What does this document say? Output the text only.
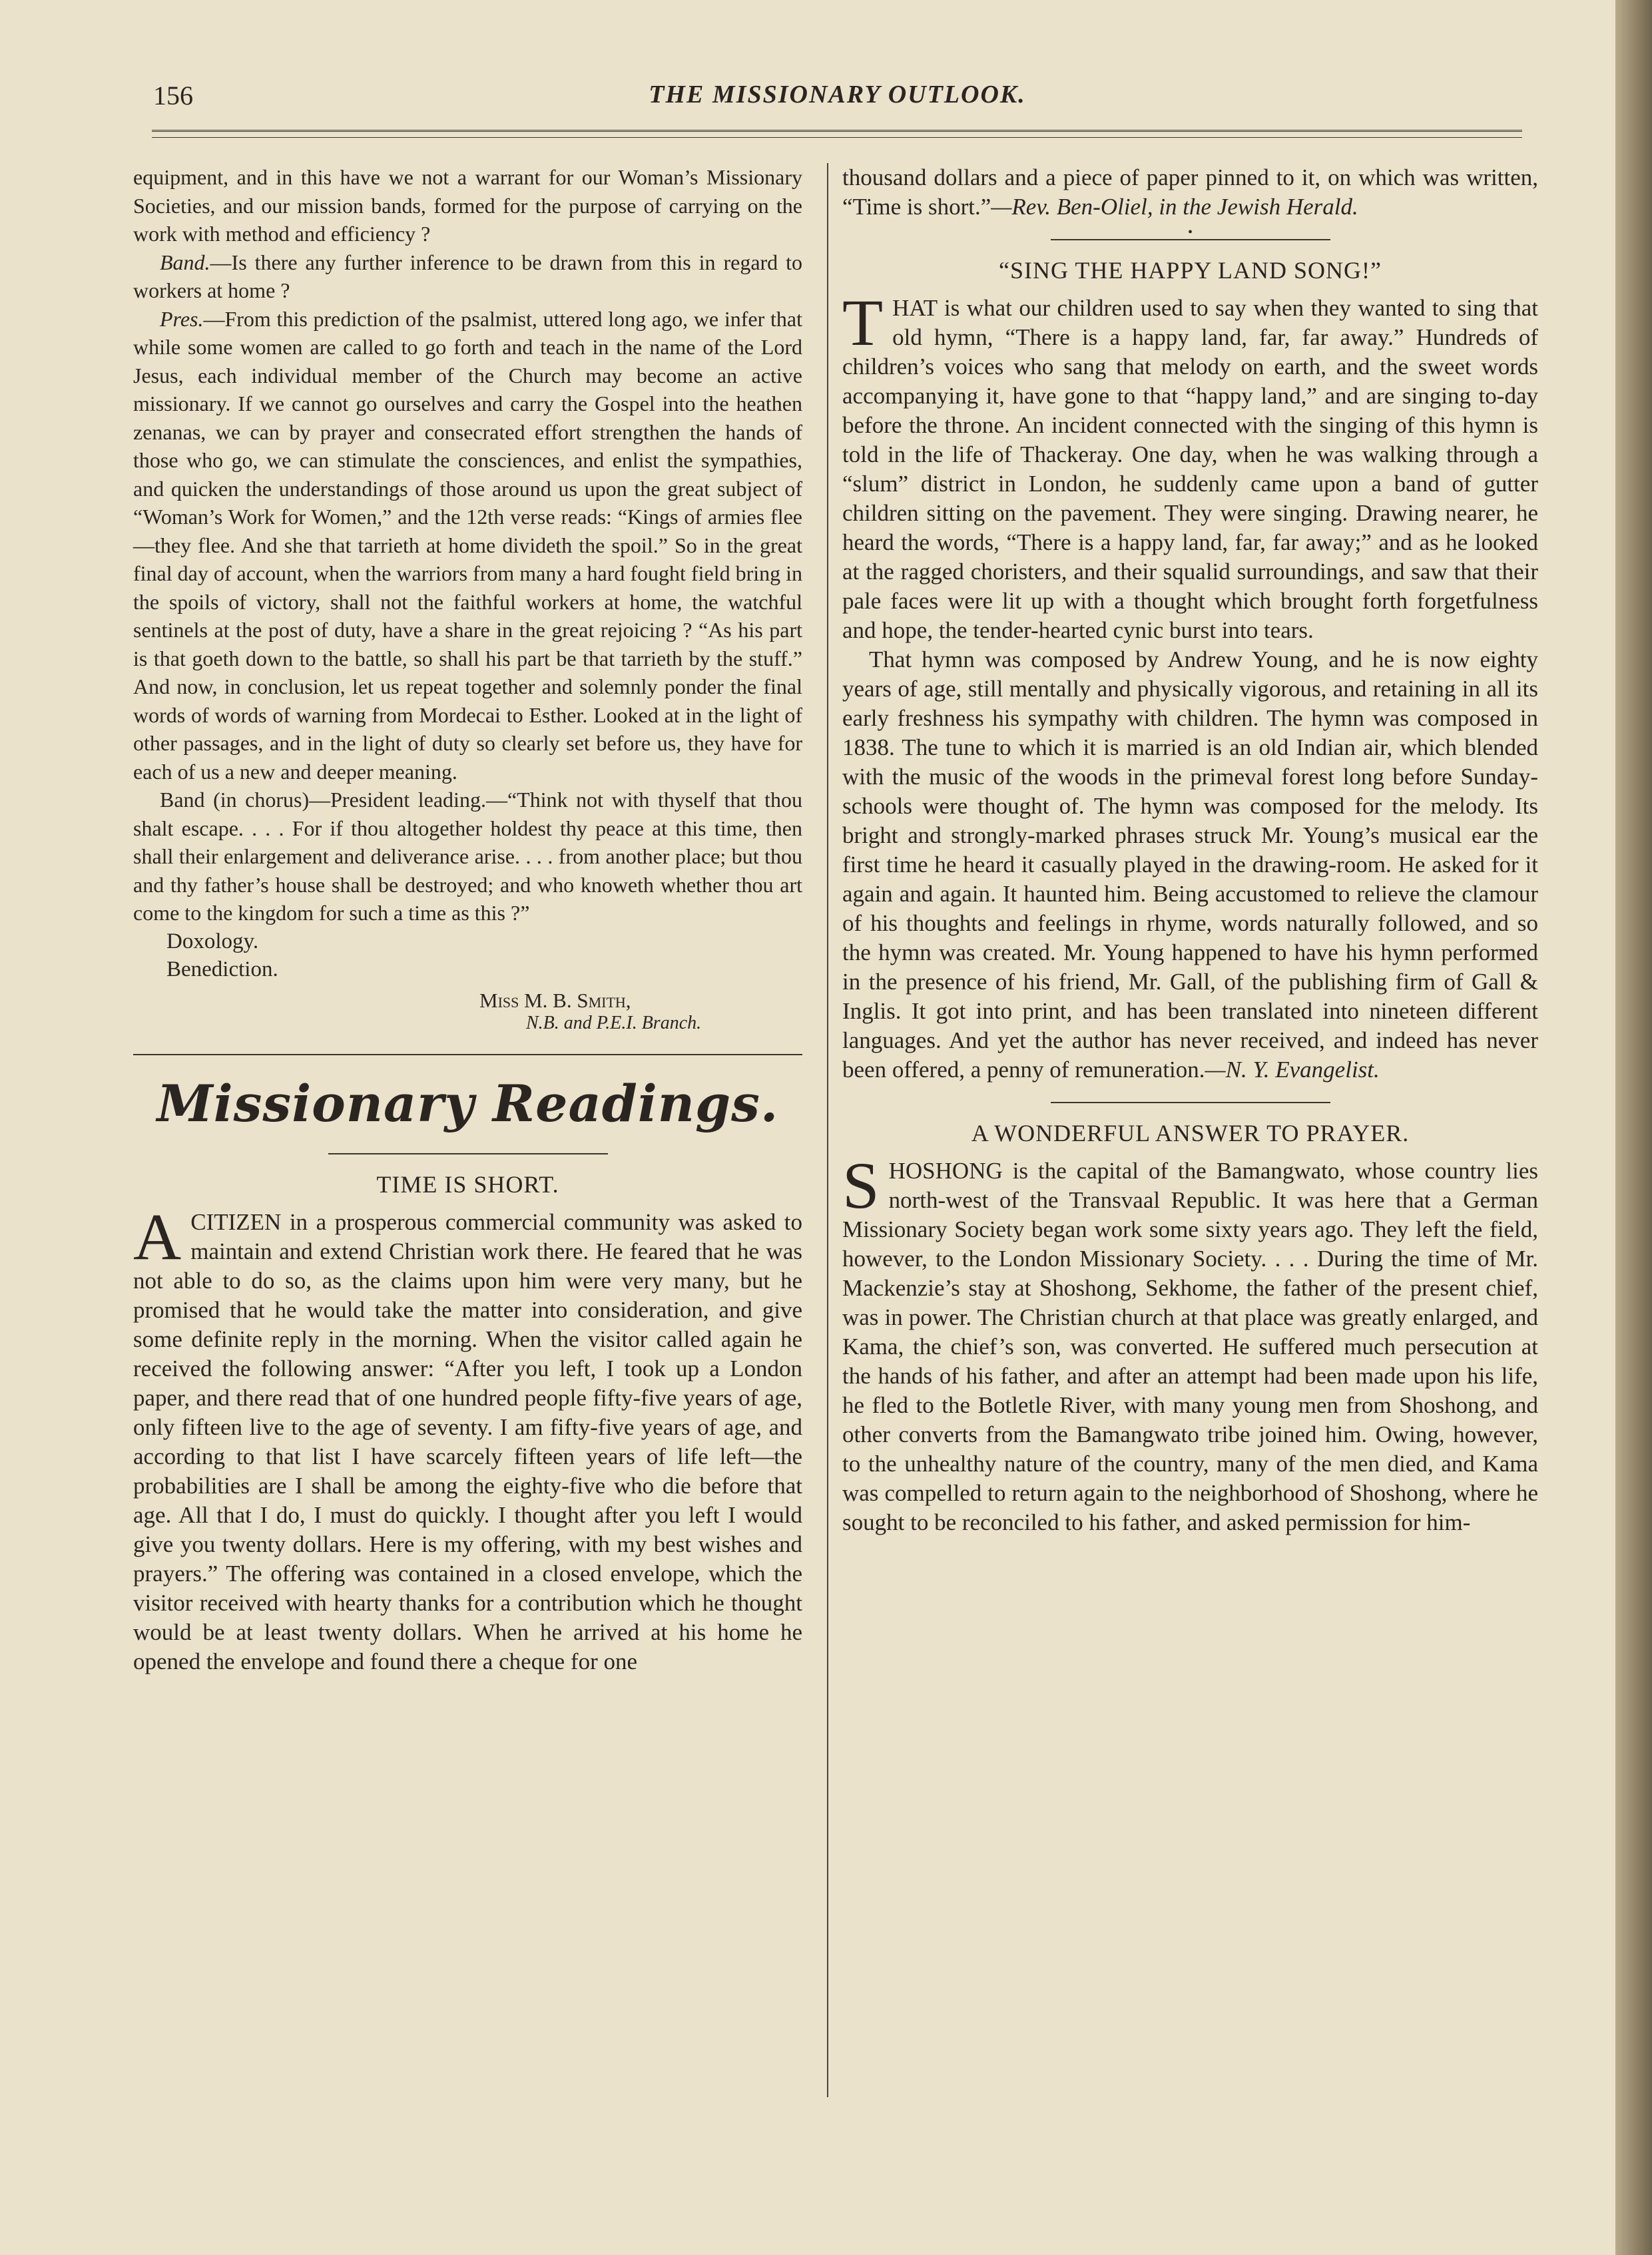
156	THE MISSIONARY OUTLOOK.

equipment, and in this have we not a warrant for our Woman’s Missionary Societies, and our mission bands, formed for the purpose of carrying on the work with method and efficiency ?

Band.—Is there any further inference to be drawn from this in regard to workers at home ?

Pres.—From this prediction of the psalmist, uttered long ago, we infer that while some women are called to go forth and teach in the name of the Lord Jesus, each individual member of the Church may become an active missionary. If we cannot go ourselves and carry the Gospel into the heathen zenanas, we can by prayer and consecrated effort strengthen the hands of those who go, we can stimulate the consciences, and enlist the sympathies, and quicken the understandings of those around us upon the great subject of “Woman’s Work for Women,” and the 12th verse reads: “Kings of armies flee—they flee. And she that tarrieth at home divideth the spoil.” So in the great final day of account, when the warriors from many a hard fought field bring in the spoils of victory, shall not the faithful workers at home, the watchful sentinels at the post of duty, have a share in the great rejoicing ? “As his part is that goeth down to the battle, so shall his part be that tarrieth by the stuff.” And now, in conclusion, let us repeat together and solemnly ponder the final words of words of warning from Mordecai to Esther. Looked at in the light of other passages, and in the light of duty so clearly set before us, they have for each of us a new and deeper meaning.

Band (in chorus)—President leading.—“Think not with thyself that thou shalt escape. . . . For if thou altogether holdest thy peace at this time, then shall their enlargement and deliverance arise. . . . from another place; but thou and thy father’s house shall be destroyed; and who knoweth whether thou art come to the kingdom for such a time as this ?”

Doxology.
Benediction.
Miss M. B. Smith,
N.B. and P.E.I. Branch.
Missionary Readings.
TIME IS SHORT.

ACITIZEN in a prosperous commercial community was asked to maintain and extend Christian work there. He feared that he was not able to do so, as the claims upon him were very many, but he promised that he would take the matter into consideration, and give some definite reply in the morning. When the visitor called again he received the following answer: “After you left, I took up a London paper, and there read that of one hundred people fifty-five years of age, only fifteen live to the age of seventy. I am fifty-five years of age, and according to that list I have scarcely fifteen years of life left—the probabilities are I shall be among the eighty-five who die before that age. All that I do, I must do quickly. I thought after you left I would give you twenty dollars. Here is my offering, with my best wishes and prayers.” The offering was contained in a closed envelope, which the visitor received with hearty thanks for a contribution which he thought would be at least twenty dollars. When he arrived at his home he opened the envelope and found there a cheque for one

thousand dollars and a piece of paper pinned to it, on which was written, “Time is short.”—Rev. Ben-Oliel, in the Jewish Herald.

•
“SING THE HAPPY LAND SONG!”

THAT is what our children used to say when they wanted to sing that old hymn, “There is a happy land, far, far away.” Hundreds of children’s voices who sang that melody on earth, and the sweet words accompanying it, have gone to that “happy land,” and are singing to-day before the throne. An incident connected with the singing of this hymn is told in the life of Thackeray. One day, when he was walking through a “slum” district in London, he suddenly came upon a band of gutter children sitting on the pavement. They were singing. Drawing nearer, he heard the words, “There is a happy land, far, far away;” and as he looked at the ragged choristers, and their squalid surroundings, and saw that their pale faces were lit up with a thought which brought forth forgetfulness and hope, the tender-hearted cynic burst into tears.

That hymn was composed by Andrew Young, and he is now eighty years of age, still mentally and physically vigorous, and retaining in all its early freshness his sympathy with children. The hymn was composed in 1838. The tune to which it is married is an old Indian air, which blended with the music of the woods in the primeval forest long before Sunday-schools were thought of. The hymn was composed for the melody. Its bright and strongly-marked phrases struck Mr. Young’s musical ear the first time he heard it casually played in the drawing-room. He asked for it again and again. It haunted him. Being accustomed to relieve the clamour of his thoughts and feelings in rhyme, words naturally followed, and so the hymn was created. Mr. Young happened to have his hymn performed in the presence of his friend, Mr. Gall, of the publishing firm of Gall & Inglis. It got into print, and has been translated into nineteen different languages. And yet the author has never received, and indeed has never been offered, a penny of remuneration.—N. Y. Evangelist.

A WONDERFUL ANSWER TO PRAYER.

SHOSHONG is the capital of the Bamangwato, whose country lies north-west of the Transvaal Republic. It was here that a German Missionary Society began work some sixty years ago. They left the field, however, to the London Missionary Society. . . . During the time of Mr. Mackenzie’s stay at Shoshong, Sekhome, the father of the present chief, was in power. The Christian church at that place was greatly enlarged, and Kama, the chief’s son, was converted. He suffered much persecution at the hands of his father, and after an attempt had been made upon his life, he fled to the Botletle River, with many young men from Shoshong, and other converts from the Bamangwato tribe joined him. Owing, however, to the unhealthy nature of the country, many of the men died, and Kama was compelled to return again to the neighborhood of Shoshong, where he sought to be reconciled to his father, and asked permission for him-
